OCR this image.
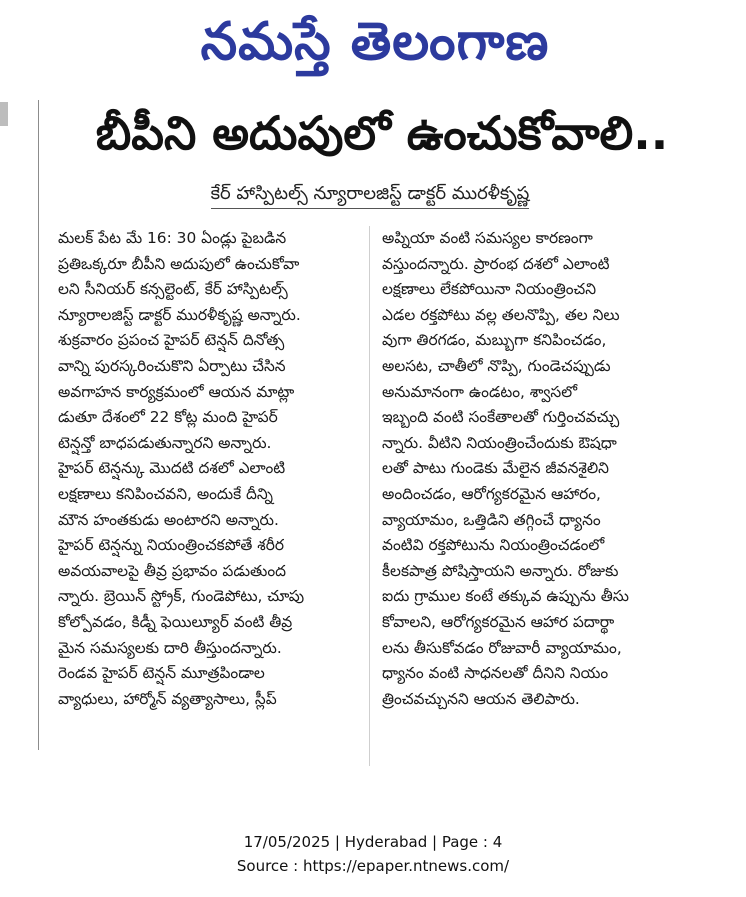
నమస్తే తెలంగాణ
బీపీని అదుపులో ఉంచుకోవాలి..
కేర్ హాస్పిటల్స్ న్యూరాలజిస్ట్ డాక్టర్ మురళీకృష్ణ
మలక్ పేట మే 16: 30 ఏండ్లు పైబడిన
ప్రతిఒక్కరూ బీపీని అదుపులో ఉంచుకోవా
లని సీనియర్ కన్సల్టెంట్, కేర్ హాస్పిటల్స్
న్యూరాలజిస్ట్ డాక్టర్ మురళీకృష్ణ అన్నారు.
శుక్రవారం ప్రపంచ హైపర్ టెన్షన్ దినోత్స
వాన్ని పురస్కరించుకొని ఏర్పాటు చేసిన
అవగాహన కార్యక్రమంలో ఆయన మాట్లా
డుతూ దేశంలో 22 కోట్ల మంది హైపర్
టెన్షన్తో బాధపడుతున్నారని అన్నారు.
హైపర్ టెన్షన్కు మొదటి దశలో ఎలాంటి
లక్షణాలు కనిపించవని, అందుకే దీన్ని
మౌన హంతకుడు అంటారని అన్నారు.
హైపర్ టెన్షన్ను నియంత్రించకపోతే శరీర
అవయవాలపై తీవ్ర ప్రభావం పడుతుంద
న్నారు. బ్రెయిన్ స్ట్రోక్, గుండెపోటు, చూపు
కోల్పోవడం, కిడ్నీ ఫెయిల్యూర్ వంటి తీవ్ర
మైన సమస్యలకు దారి తీస్తుందన్నారు.
రెండవ హైపర్ టెన్షన్ మూత్రపిండాల
వ్యాధులు, హార్మోన్ వ్యత్యాసాలు, స్లీప్
అప్నియా వంటి సమస్యల కారణంగా
వస్తుందన్నారు. ప్రారంభ దశలో ఎలాంటి
లక్షణాలు లేకపోయినా నియంత్రించని
ఎడల రక్తపోటు వల్ల తలనొప్పి, తల నిలు
వుగా తిరగడం, మబ్బుగా కనిపించడం,
అలసట, చాతీలో నొప్పి, గుండెచప్పుడు
అనుమానంగా ఉండటం, శ్వాసలో
ఇబ్బంది వంటి సంకేతాలతో గుర్తించవచ్చు
న్నారు. వీటిని నియంత్రించేందుకు ఔషధా
లతో పాటు గుండెకు మేలైన జీవనశైలిని
అందించడం, ఆరోగ్యకరమైన ఆహారం,
వ్యాయామం, ఒత్తిడిని తగ్గించే ధ్యానం
వంటివి రక్తపోటును నియంత్రించడంలో
కీలకపాత్ర పోషిస్తాయని అన్నారు. రోజుకు
ఐదు గ్రాముల కంటే తక్కువ ఉప్పును తీసు
కోవాలని, ఆరోగ్యకరమైన ఆహార పదార్థా
లను తీసుకోవడం రోజువారీ వ్యాయామం,
ధ్యానం వంటి సాధనలతో దీనిని నియం
త్రించవచ్చునని ఆయన తెలిపారు.
17/05/2025 | Hyderabad | Page : 4
Source : https://epaper.ntnews.com/
